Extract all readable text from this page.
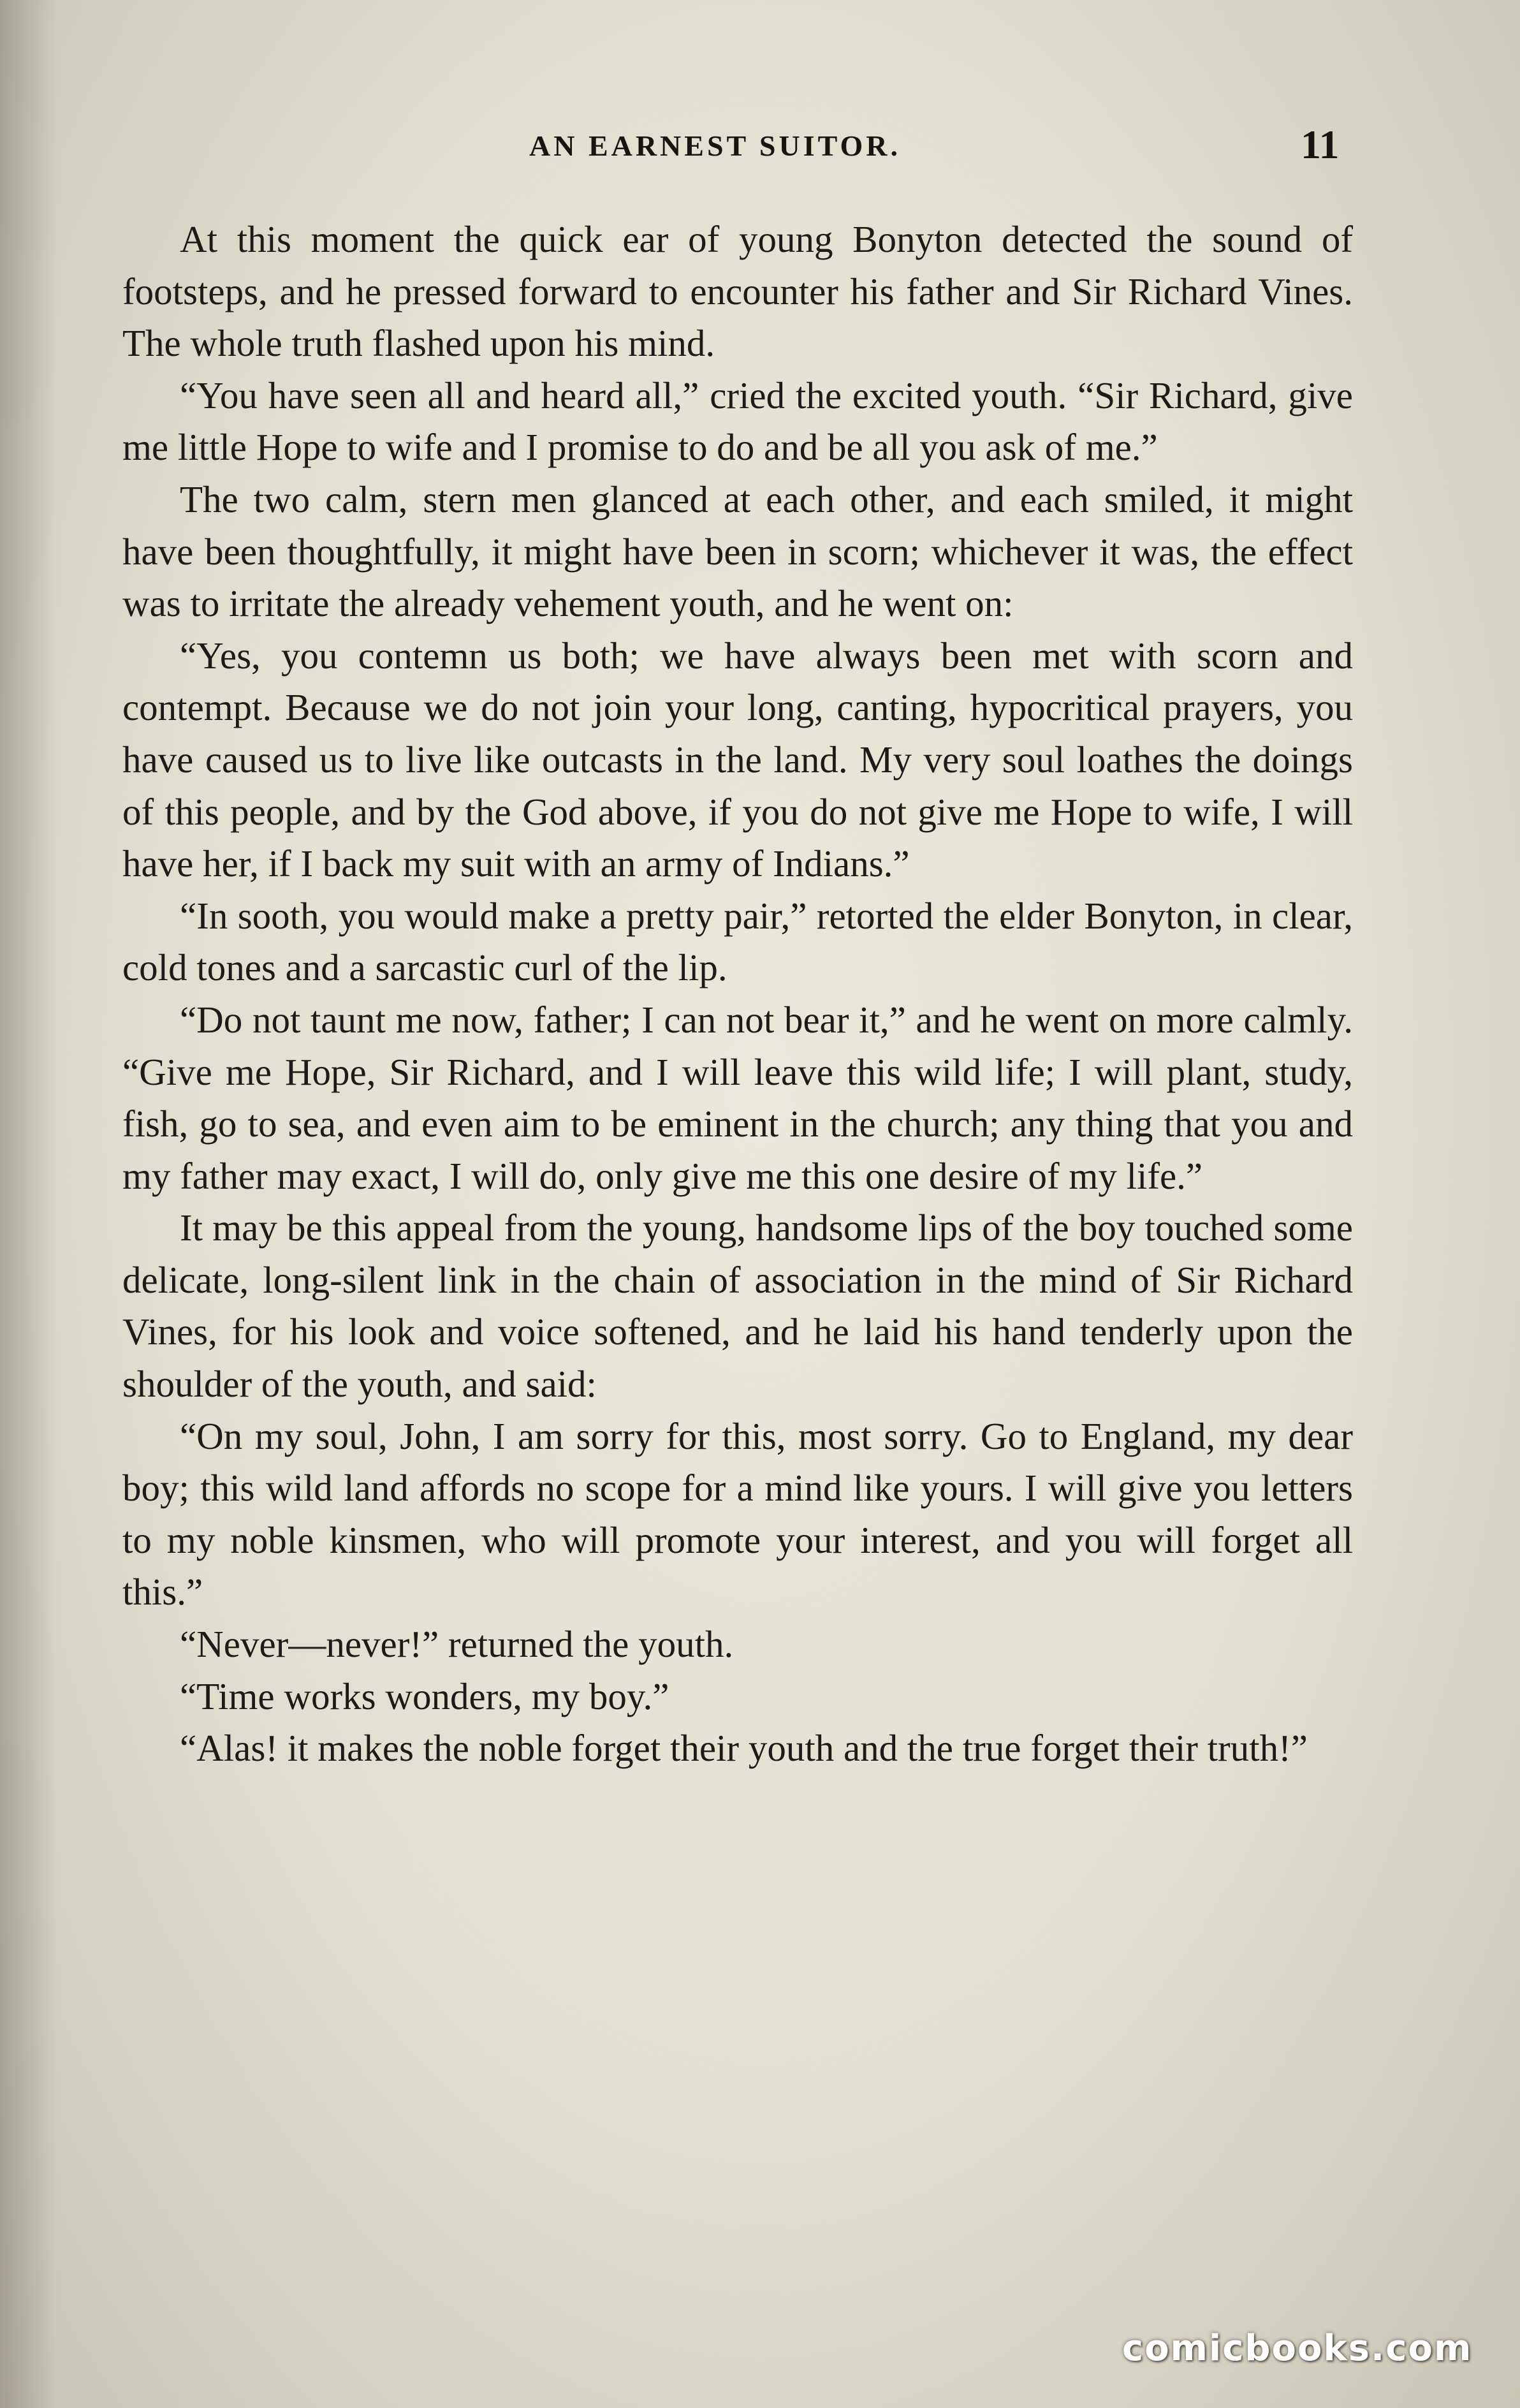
AN EARNEST SUITOR.	11

At this moment the quick ear of young Bonyton detected the sound of footsteps, and he pressed forward to encounter his father and Sir Richard Vines. The whole truth flashed upon his mind.

“You have seen all and heard all,” cried the excited youth. “Sir Richard, give me little Hope to wife and I promise to do and be all you ask of me.”

The two calm, stern men glanced at each other, and each smiled, it might have been thoughtfully, it might have been in scorn; whichever it was, the effect was to irritate the already vehement youth, and he went on:

“Yes, you contemn us both; we have always been met with scorn and contempt. Because we do not join your long, canting, hypocritical prayers, you have caused us to live like outcasts in the land. My very soul loathes the doings of this people, and by the God above, if you do not give me Hope to wife, I will have her, if I back my suit with an army of Indians.”

“In sooth, you would make a pretty pair,” retorted the elder Bonyton, in clear, cold tones and a sarcastic curl of the lip.

“Do not taunt me now, father; I can not bear it,” and he went on more calmly. “Give me Hope, Sir Richard, and I will leave this wild life; I will plant, study, fish, go to sea, and even aim to be eminent in the church; any thing that you and my father may exact, I will do, only give me this one desire of my life.”

It may be this appeal from the young, handsome lips of the boy touched some delicate, long-silent link in the chain of association in the mind of Sir Richard Vines, for his look and voice softened, and he laid his hand tenderly upon the shoulder of the youth, and said:

“On my soul, John, I am sorry for this, most sorry. Go to England, my dear boy; this wild land affords no scope for a mind like yours. I will give you letters to my noble kinsmen, who will promote your interest, and you will forget all this.”

“Never—never!” returned the youth.

“Time works wonders, my boy.”

“Alas! it makes the noble forget their youth and the true forget their truth!”

comicbooks.com
